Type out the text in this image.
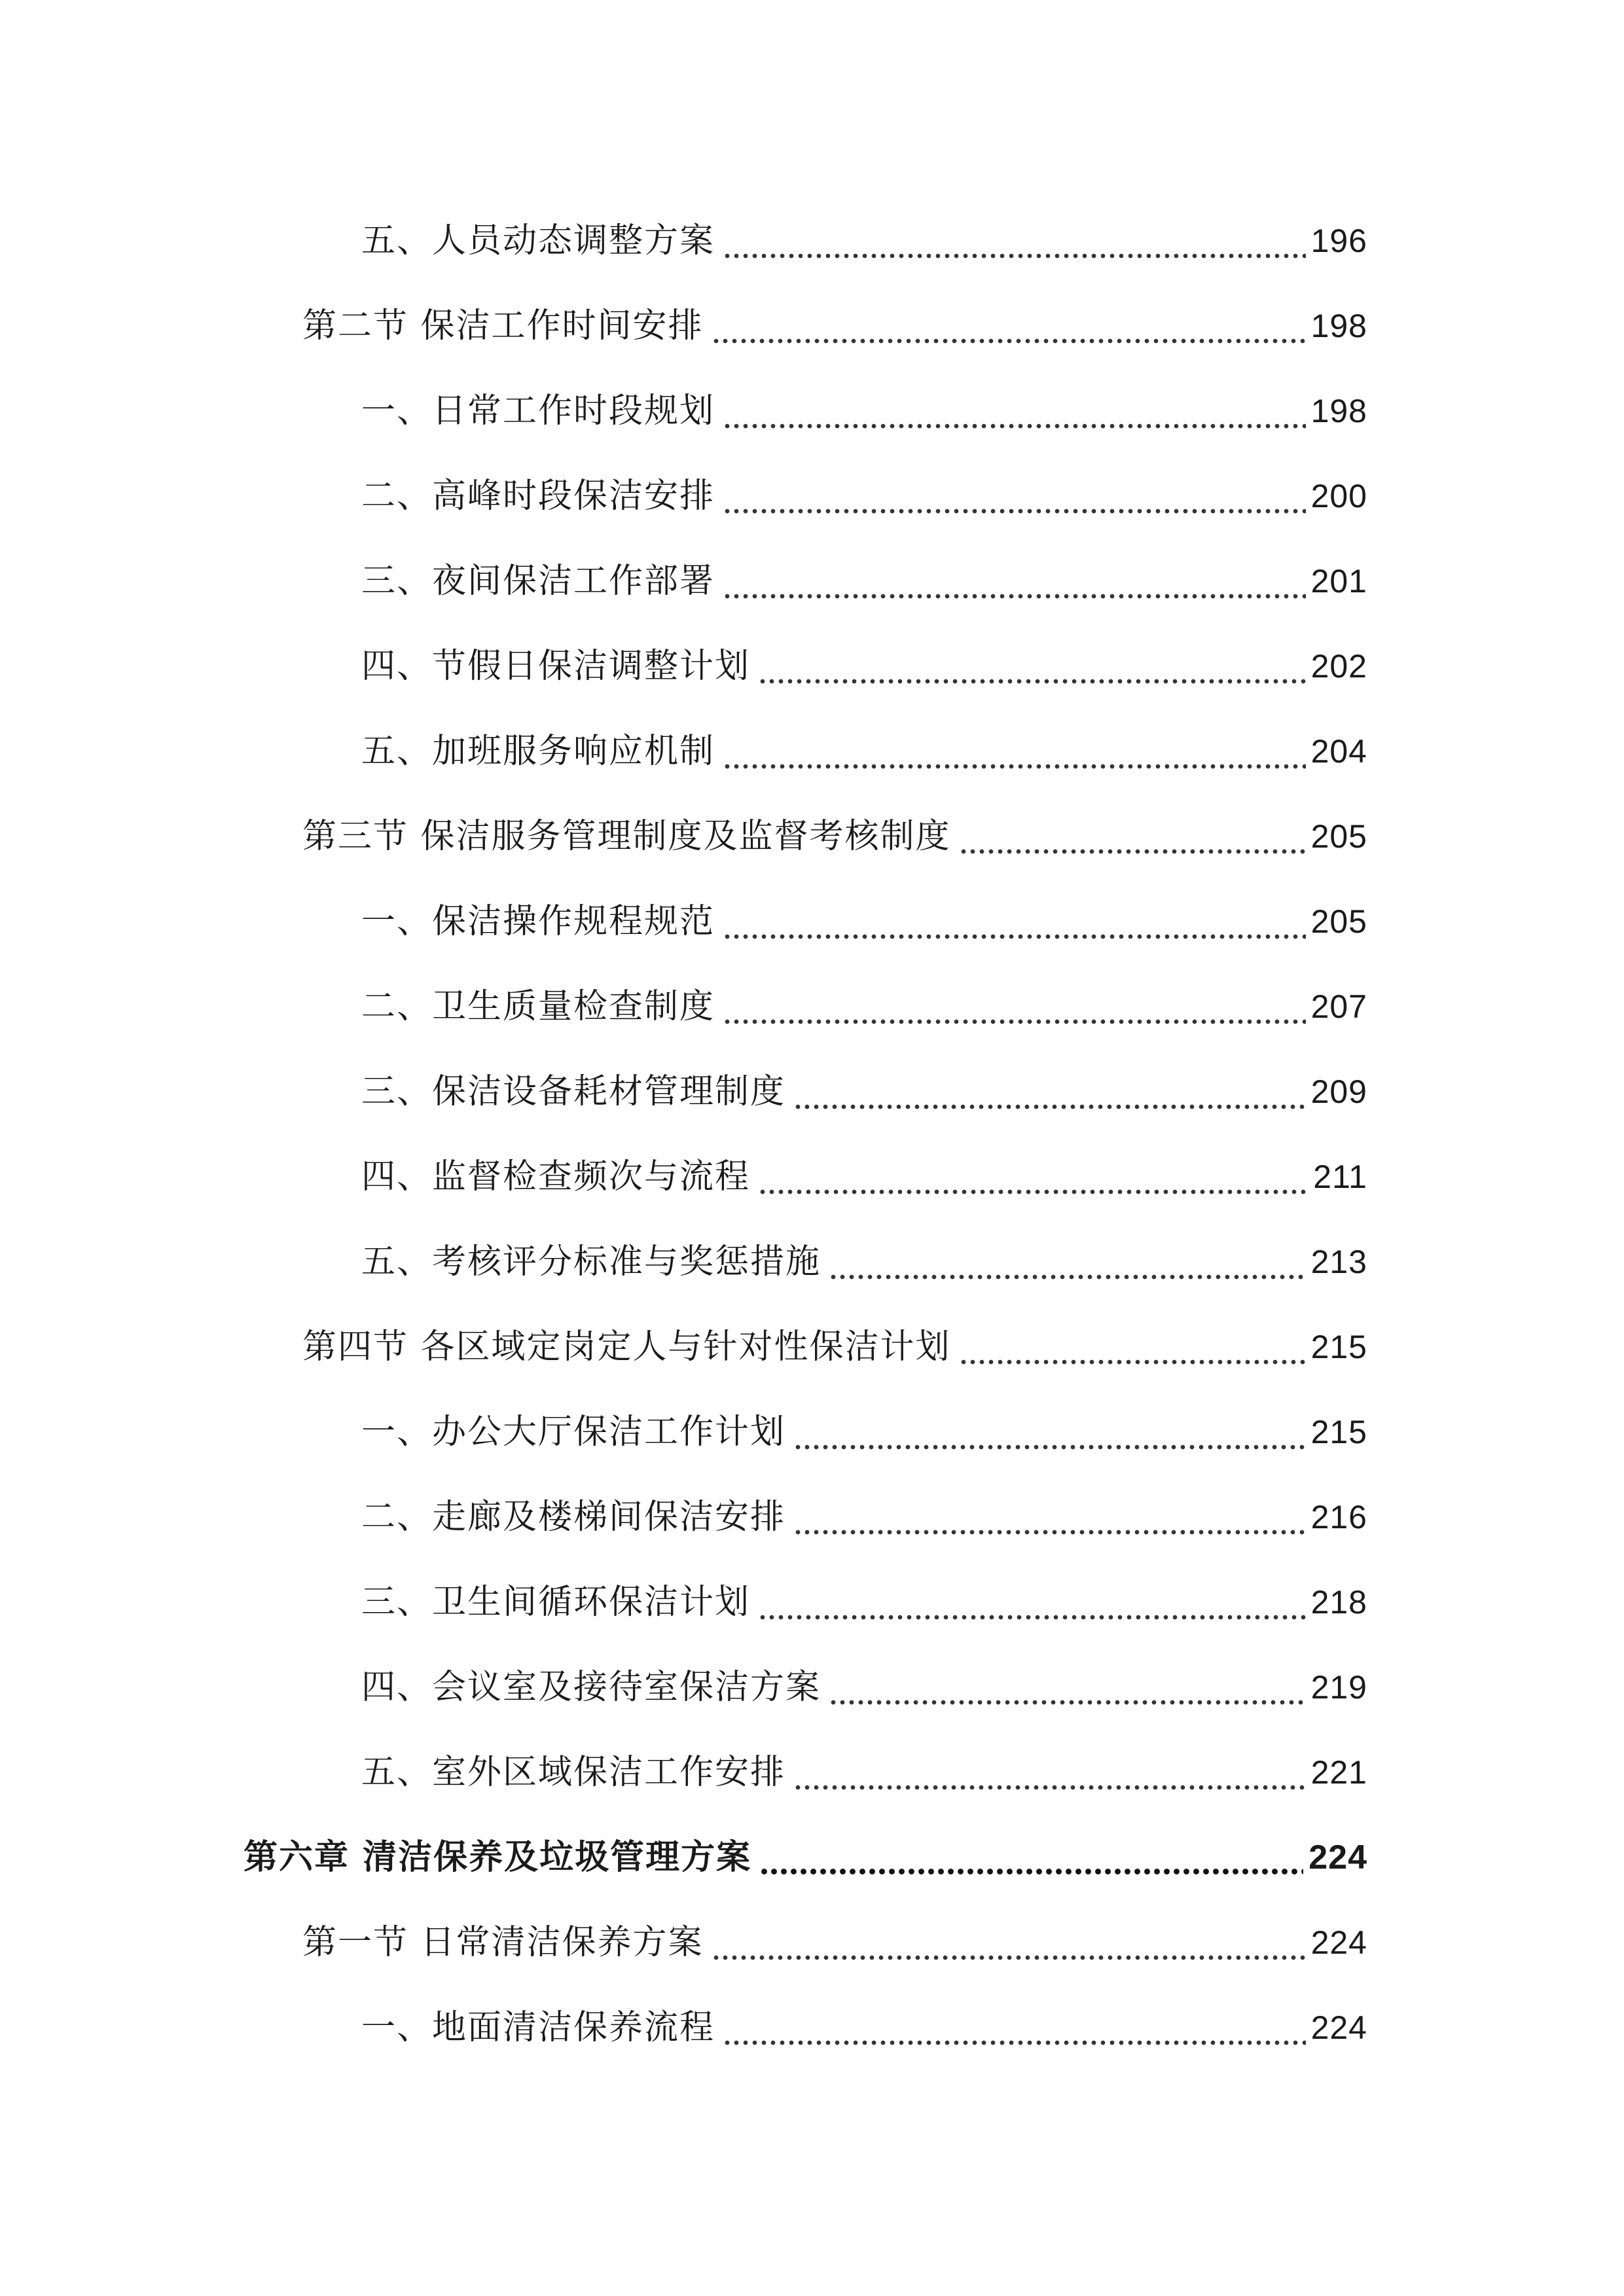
五、人员动态调整方案	196
第二节 保洁工作时间安排	198
一、日常工作时段规划	198
二、高峰时段保洁安排	200
三、夜间保洁工作部署	201
四、节假日保洁调整计划	202
五、加班服务响应机制	204
第三节 保洁服务管理制度及监督考核制度	205
一、保洁操作规程规范	205
二、卫生质量检查制度	207
三、保洁设备耗材管理制度	209
四、监督检查频次与流程	211
五、考核评分标准与奖惩措施	213
第四节 各区域定岗定人与针对性保洁计划	215
一、办公大厅保洁工作计划	215
二、走廊及楼梯间保洁安排	216
三、卫生间循环保洁计划	218
四、会议室及接待室保洁方案	219
五、室外区域保洁工作安排	221
第六章 清洁保养及垃圾管理方案	224
第一节 日常清洁保养方案	224
一、地面清洁保养流程	224
